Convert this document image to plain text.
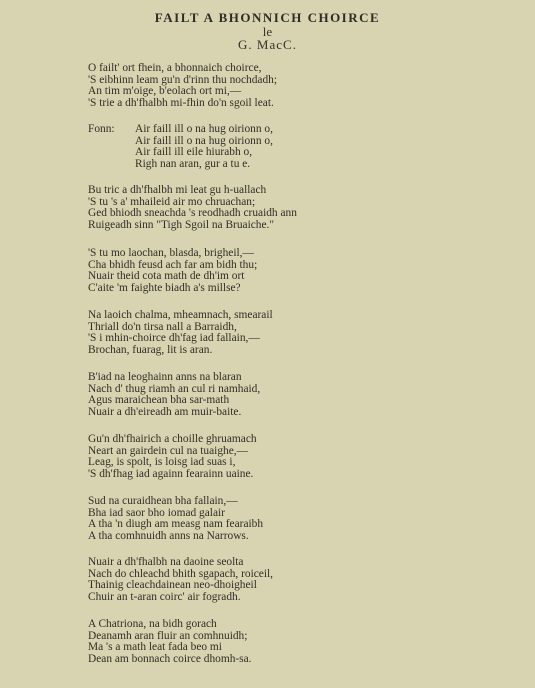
FAILT A BHONNICH CHOIRCE
le
G. MacC.
O failt' ort fhein, a bhonnaich choirce,
'S eibhinn leam gu'n d'rinn thu nochdadh;
An tim m'oige, b'eolach ort mi,—
'S trie a dh'fhalbh mi-fhin do'n sgoil leat.
Fonn: Air faill ill o na hug oirionn o,
Air faill ill o na hug oirionn o,
Air faill ill eile hiurabh o,
Righ nan aran, gur a tu e.
Bu tric a dh'fhalbh mi leat gu h-uallach
'S tu 's a' mhaileid air mo chruachan;
Ged bhiodh sneachda 's reodhadh cruaidh ann
Ruigeadh sinn "Tigh Sgoil na Bruaiche."
'S tu mo laochan, blasda, brigheil,—
Cha bhidh feusd ach far am bidh thu;
Nuair theid cota math de dh'im ort
C'aite 'm faighte biadh a's millse?
Na laoich chalma, mheamnach, smearail
Thriall do'n tirsa nall a Barraidh,
'S i mhin-choirce dh'fag iad fallain,—
Brochan, fuarag, lit is aran.
B'iad na leoghainn anns na blaran
Nach d' thug riamh an cul ri namhaid,
Agus maraichean bha sar-math
Nuair a dh'eireadh am muir-baite.
Gu'n dh'fhairich a choille ghruamach
Neart an gairdein cul na tuaighe,—
Leag, is spolt, is loisg iad suas i,
'S dh'fhag iad againn fearainn uaine.
Sud na curaidhean bha fallain,—
Bha iad saor bho iomad galair
A tha 'n diugh am measg nam fearaibh
A tha comhnuidh anns na Narrows.
Nuair a dh'fhalbh na daoine seolta
Nach do chleachd bhith sgapach, roiceil,
Thainig cleachdainean neo-dhoigheil
Chuir an t-aran coirc' air fogradh.
A Chatriona, na bidh gorach
Deanamh aran fluir an comhnuidh;
Ma 's a math leat fada beo mi
Dean am bonnach coirce dhomh-sa.
